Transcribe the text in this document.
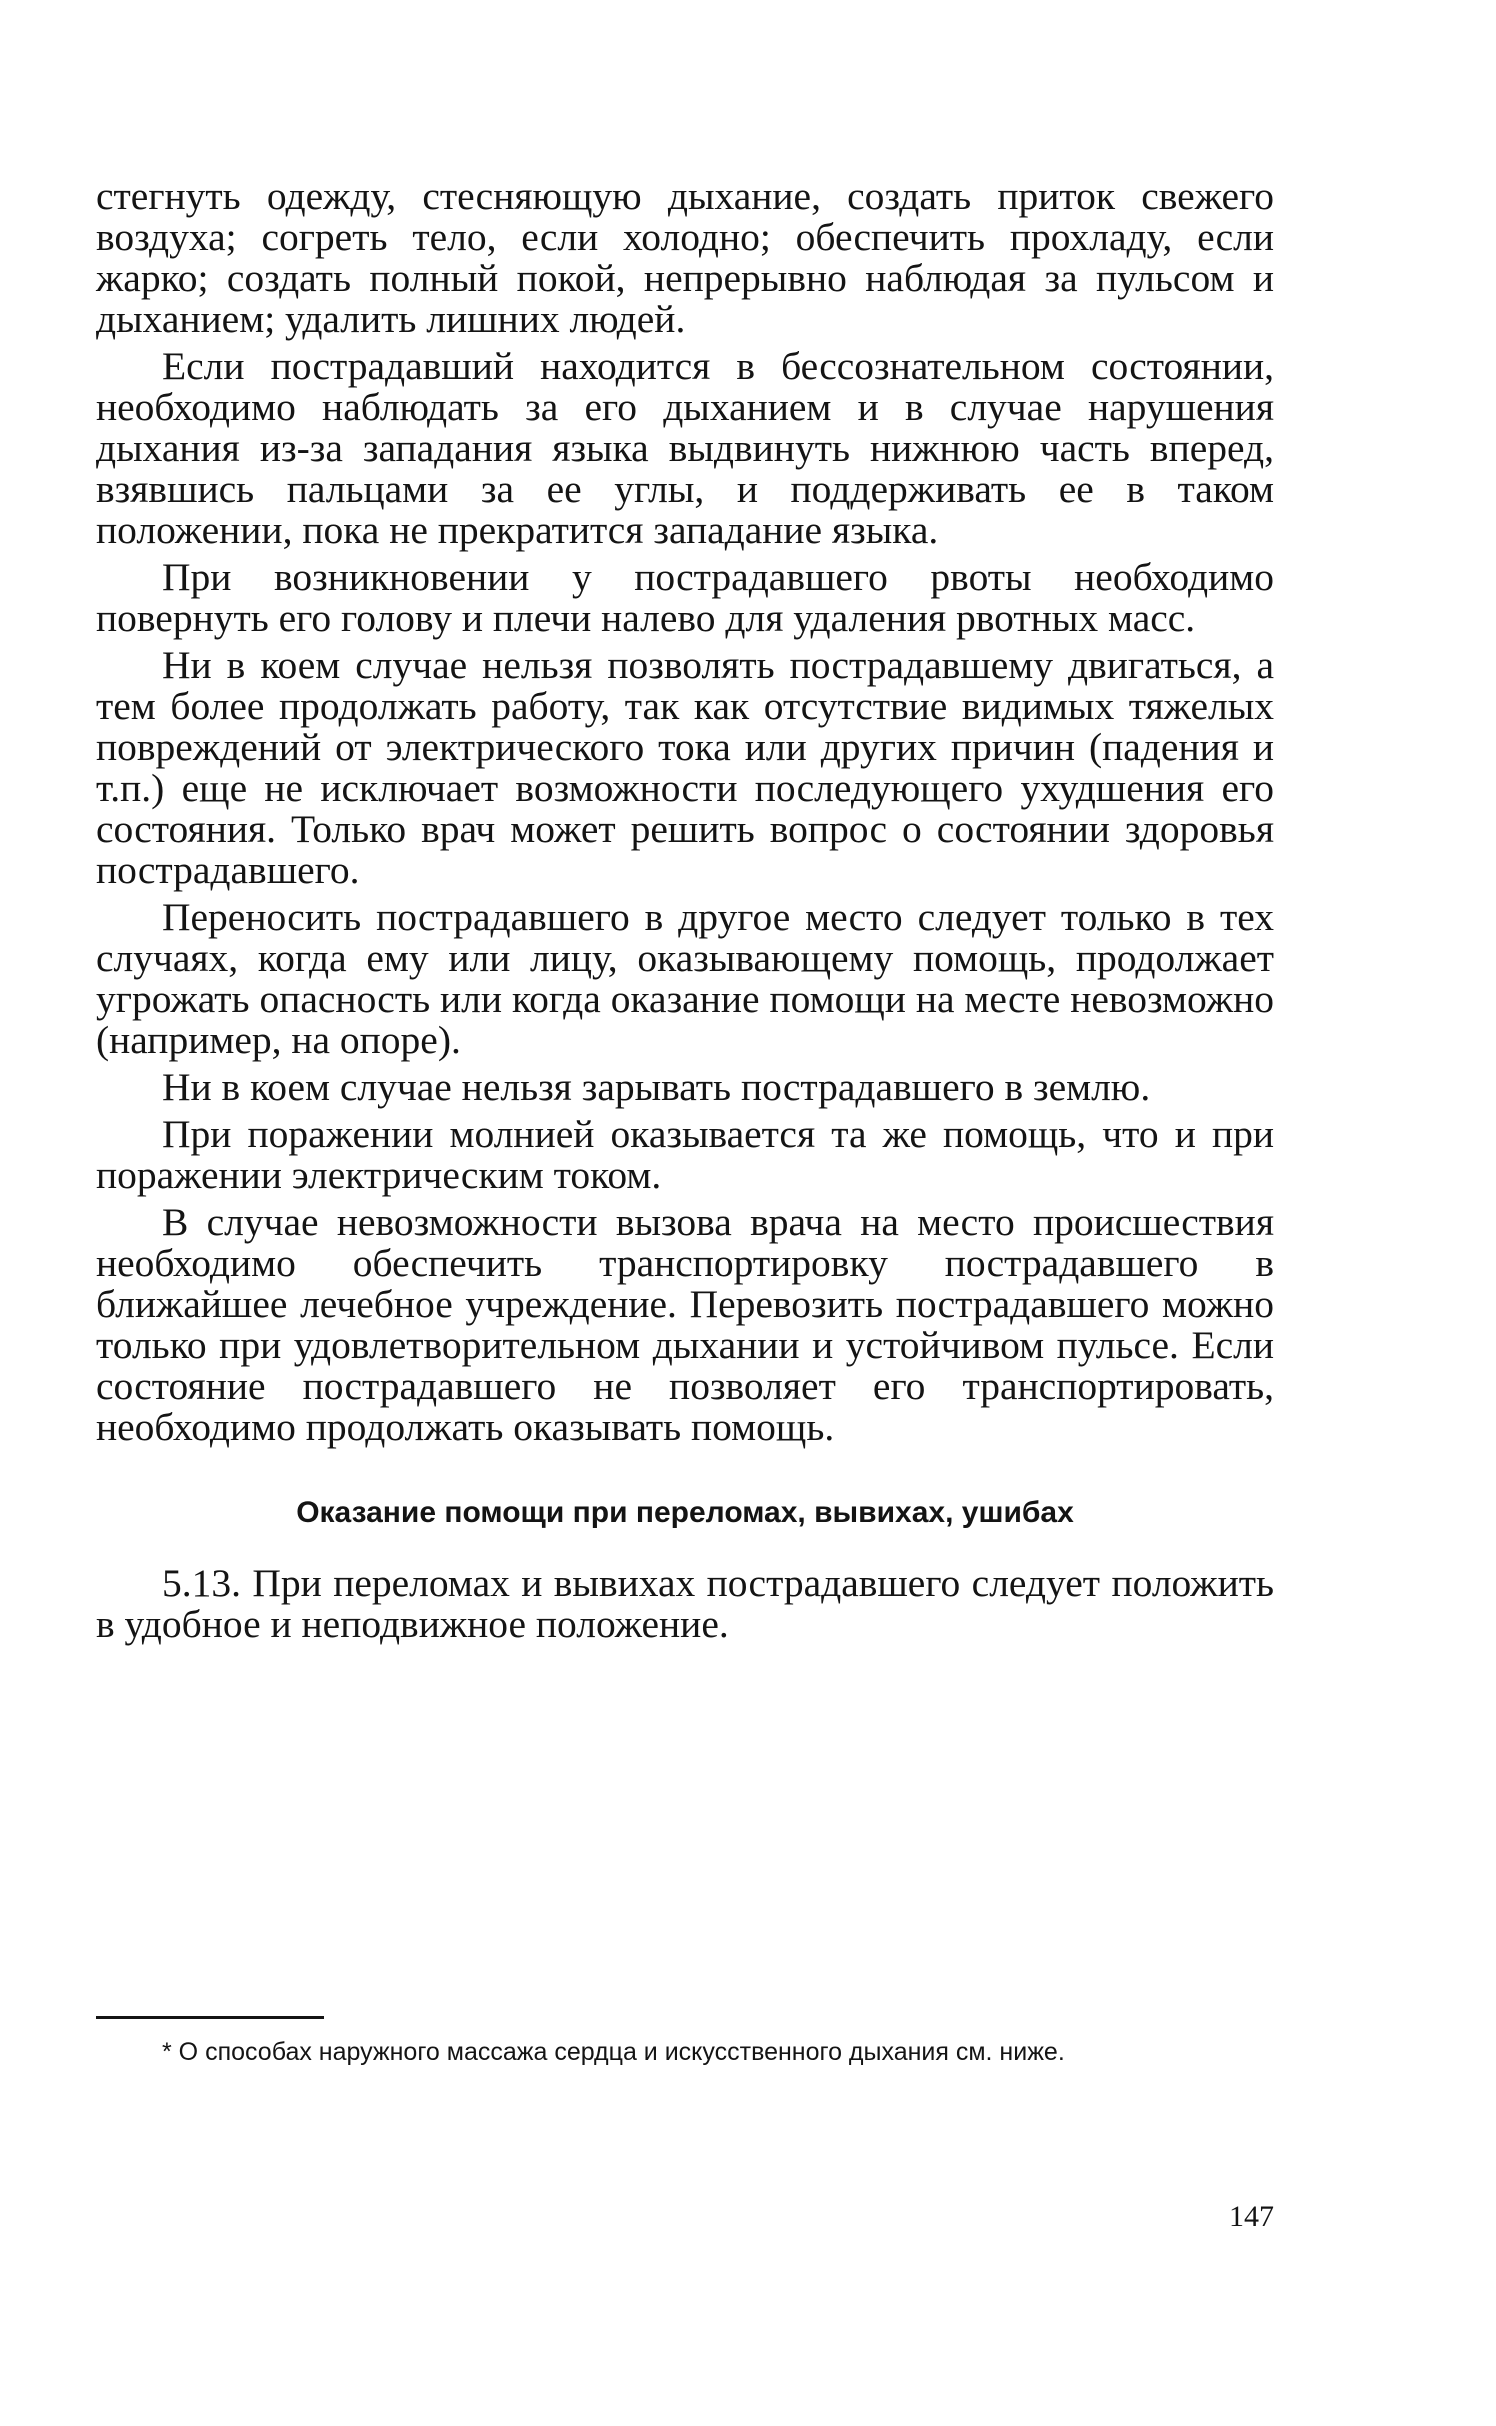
стегнуть одежду, стесняющую дыхание, создать приток свежего воздуха; согреть тело, если холодно; обеспечить прохладу, если жарко; создать полный покой, непрерывно наблюдая за пульсом и дыханием; удалить лишних людей.

Если пострадавший находится в бессознательном состоянии, необходимо наблюдать за его дыханием и в случае нарушения дыхания из-за западания языка выдвинуть нижнюю часть вперед, взявшись пальцами за ее углы, и поддерживать ее в таком положении, пока не прекратится западание языка.

При возникновении у пострадавшего рвоты необходимо повернуть его голову и плечи налево для удаления рвотных масс.

Ни в коем случае нельзя позволять пострадавшему двигаться, а тем более продолжать работу, так как отсутствие видимых тяжелых повреждений от электрического тока или других причин (падения и т.п.) еще не исключает возможности последующего ухудшения его состояния. Только врач может решить вопрос о состоянии здоровья пострадавшего.

Переносить пострадавшего в другое место следует только в тех случаях, когда ему или лицу, оказывающему помощь, продолжает угрожать опасность или когда оказание помощи на месте невозможно (например, на опоре).

Ни в коем случае нельзя зарывать пострадавшего в землю.

При поражении молнией оказывается та же помощь, что и при поражении электрическим током.

В случае невозможности вызова врача на место происшествия необходимо обеспечить транспортировку пострадавшего в ближайшее лечебное учреждение. Перевозить пострадавшего можно только при удовлетворительном дыхании и устойчивом пульсе. Если состояние пострадавшего не позволяет его транспортировать, необходимо продолжать оказывать помощь.

Оказание помощи при переломах, вывихах, ушибах

5.13. При переломах и вывихах пострадавшего следует положить в удобное и неподвижное положение.

* О способах наружного массажа сердца и искусственного дыхания см. ниже.

147
